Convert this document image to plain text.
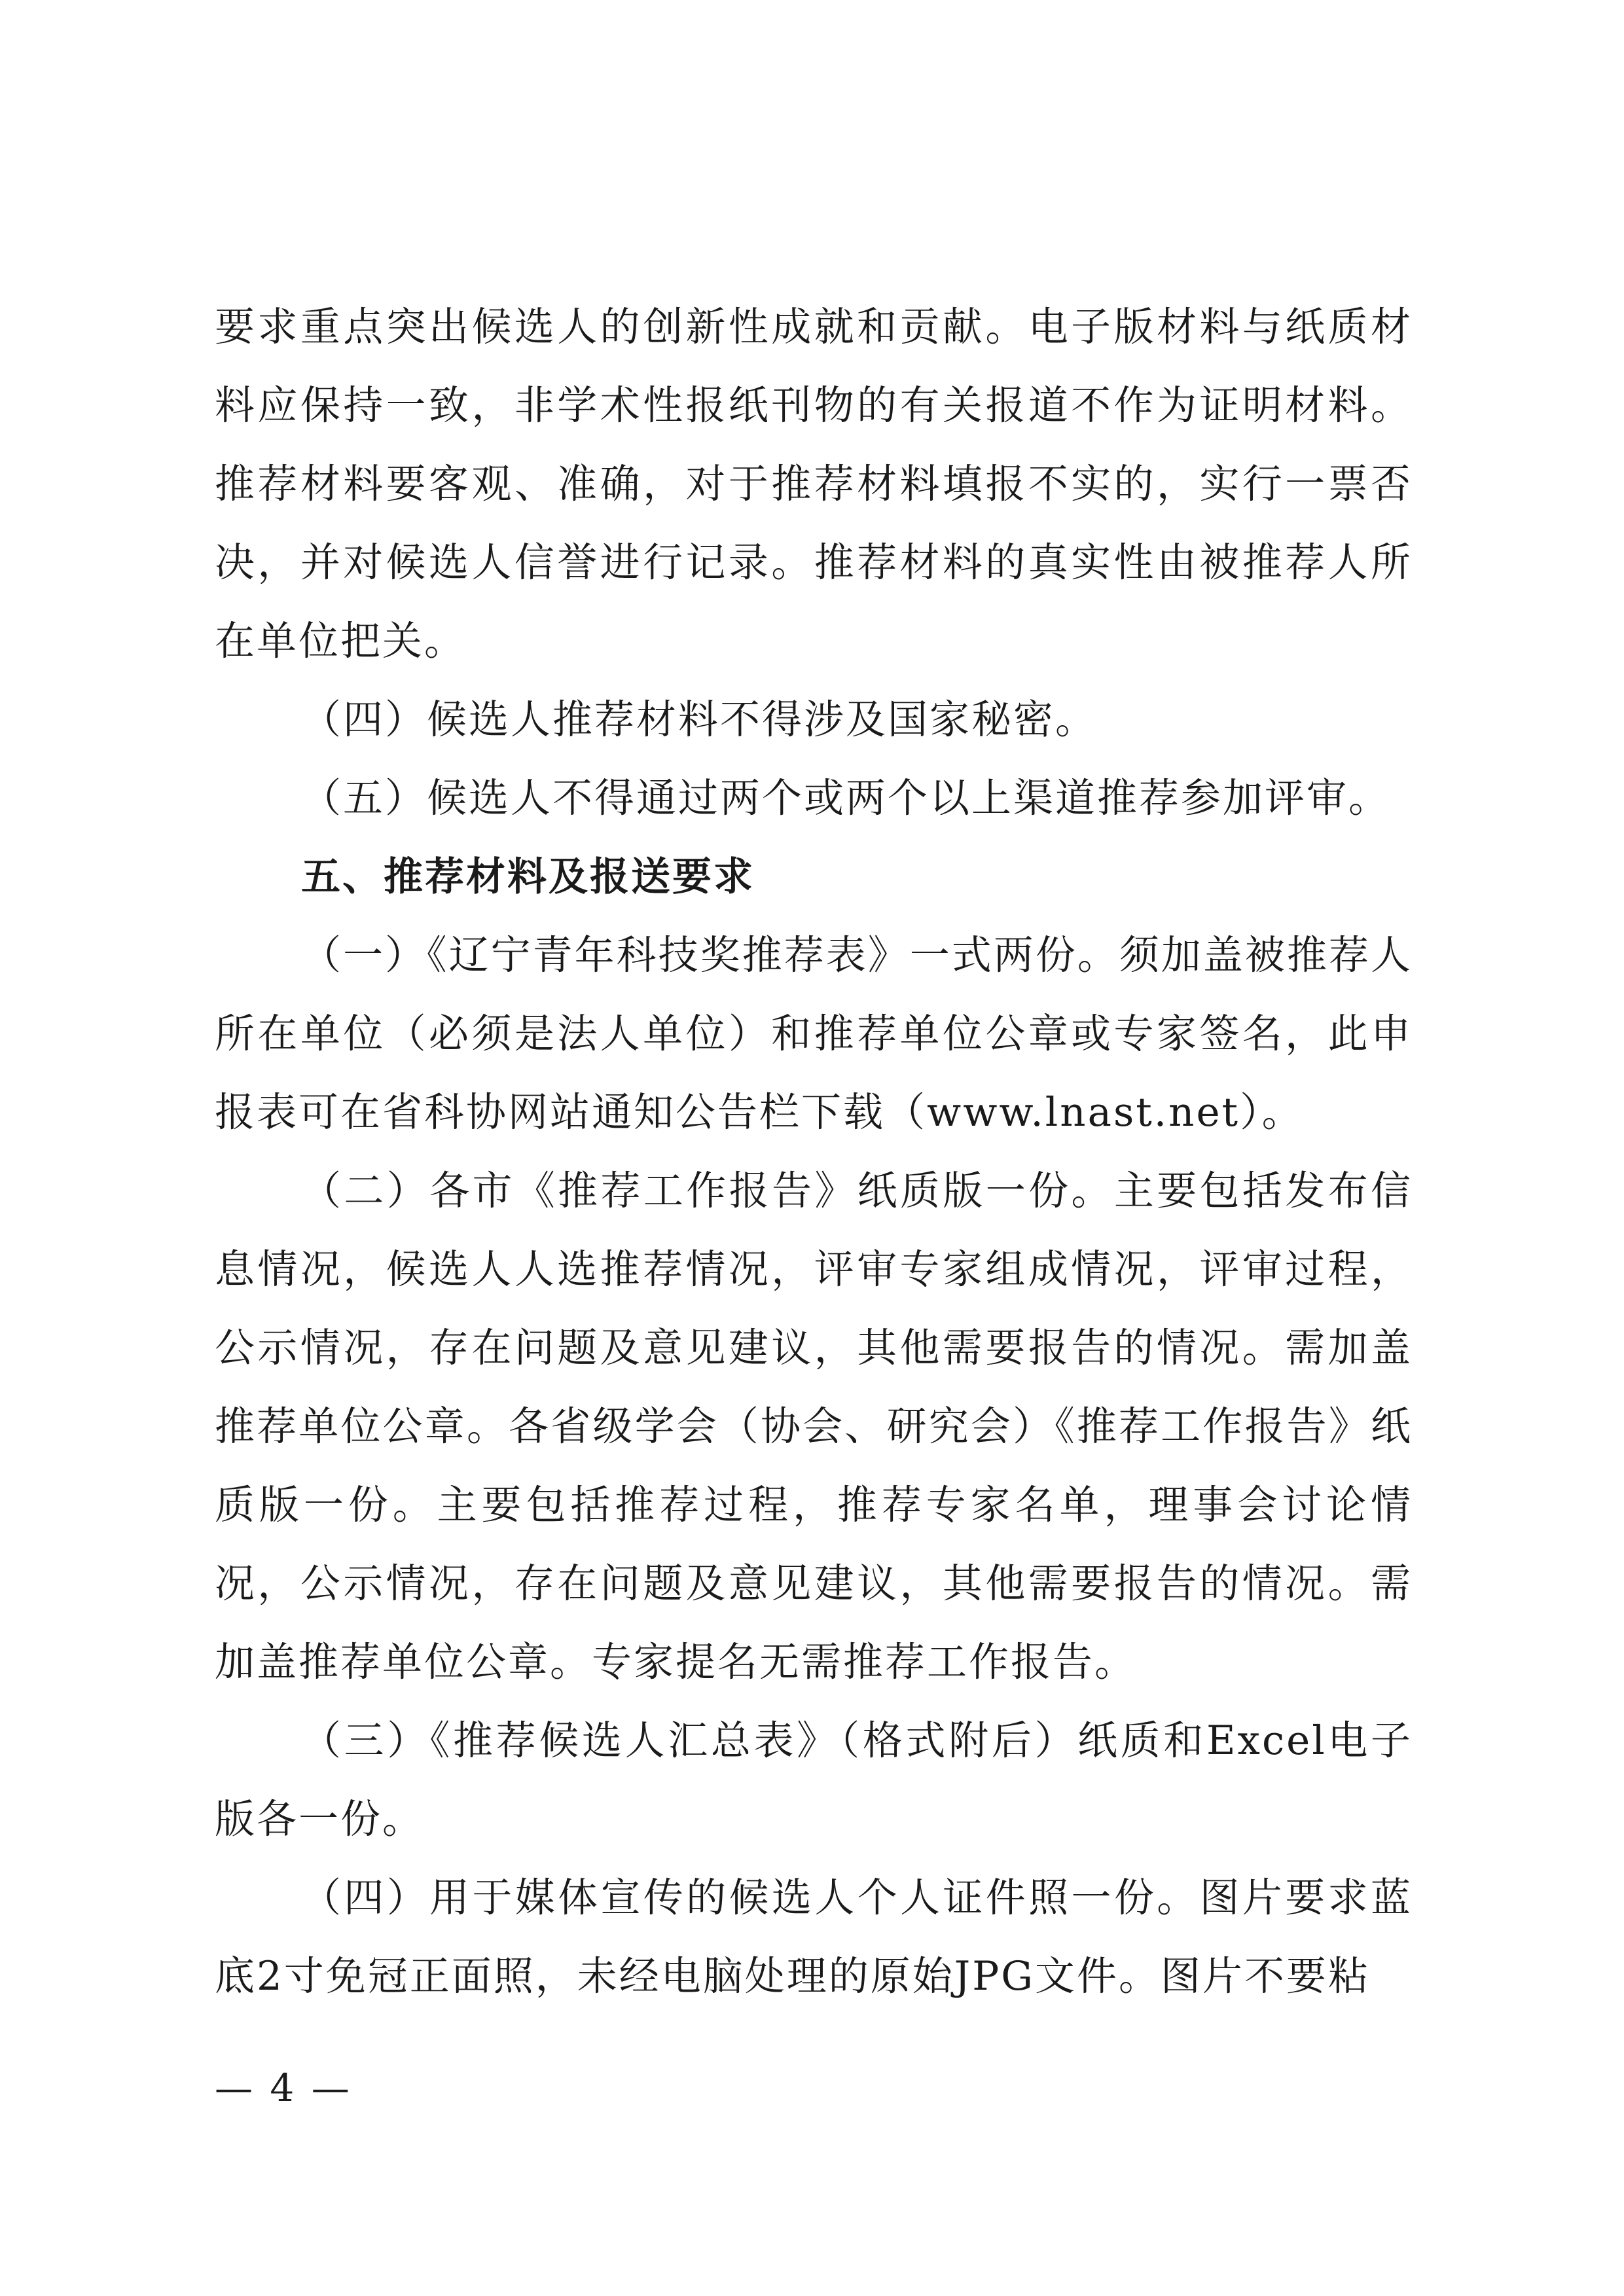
要求重点突出候选人的创新性成就和贡献。电子版材料与纸质材料应保持一致，非学术性报纸刊物的有关报道不作为证明材料。推荐材料要客观、准确，对于推荐材料填报不实的，实行一票否决，并对候选人信誉进行记录。推荐材料的真实性由被推荐人所在单位把关。

（四）候选人推荐材料不得涉及国家秘密。

（五）候选人不得通过两个或两个以上渠道推荐参加评审。

五、推荐材料及报送要求

（一）《辽宁青年科技奖推荐表》一式两份。须加盖被推荐人所在单位（必须是法人单位）和推荐单位公章或专家签名，此申报表可在省科协网站通知公告栏下载（www.lnast.net）。

（二）各市《推荐工作报告》纸质版一份。主要包括发布信息情况，候选人人选推荐情况，评审专家组成情况，评审过程，公示情况，存在问题及意见建议，其他需要报告的情况。需加盖推荐单位公章。各省级学会（协会、研究会）《推荐工作报告》纸质版一份。主要包括推荐过程，推荐专家名单，理事会讨论情况，公示情况，存在问题及意见建议，其他需要报告的情况。需加盖推荐单位公章。专家提名无需推荐工作报告。

（三）《推荐候选人汇总表》（格式附后）纸质和Excel电子版各一份。

（四）用于媒体宣传的候选人个人证件照一份。图片要求蓝底2寸免冠正面照，未经电脑处理的原始JPG文件。图片不要粘

— 4 —
